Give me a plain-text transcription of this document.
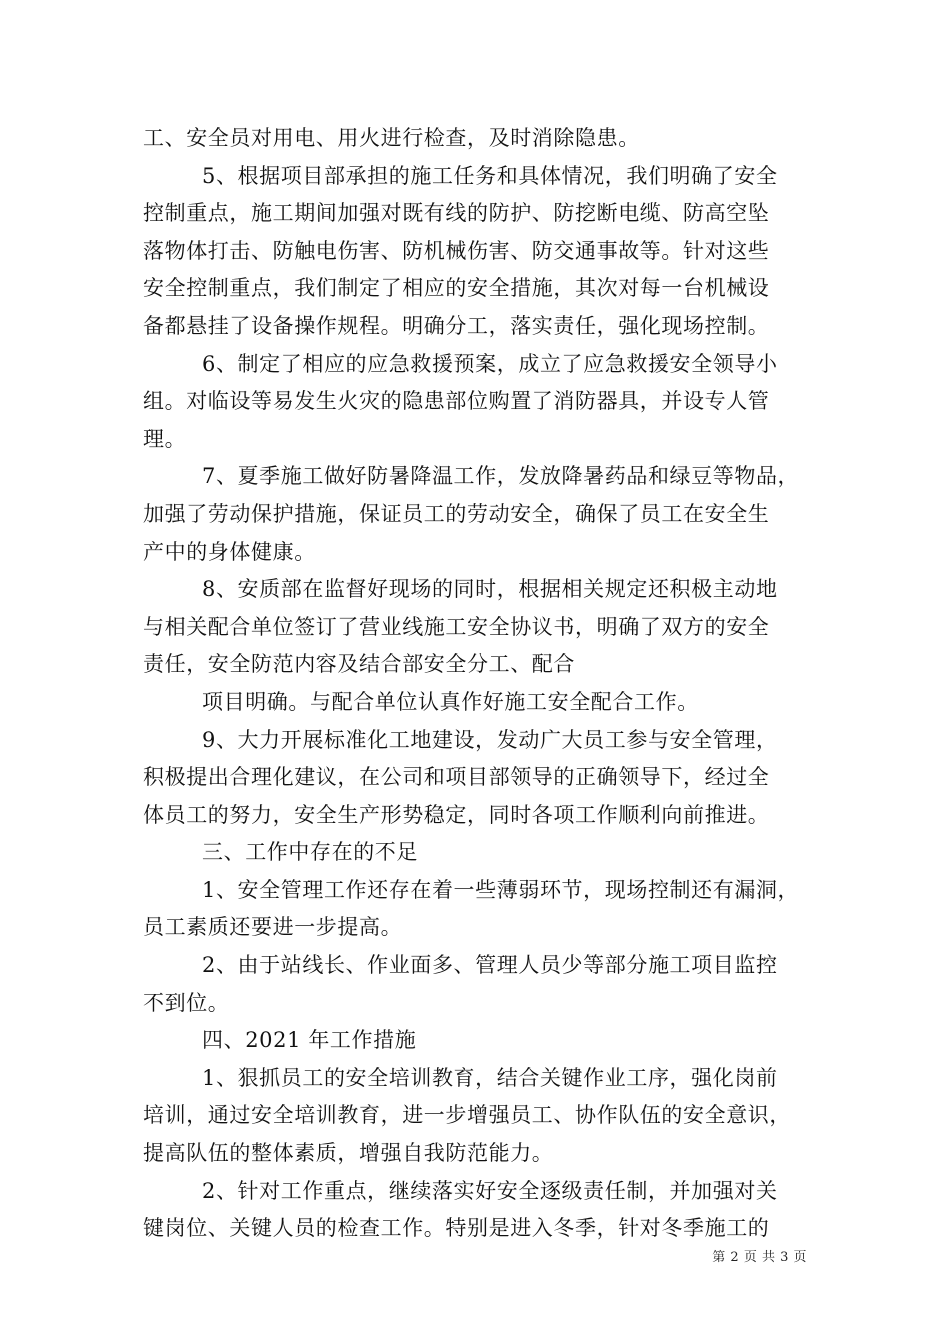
工、安全员对用电、用火进行检查，及时消除隐患。
5、根据项目部承担的施工任务和具体情况，我们明确了安全
控制重点，施工期间加强对既有线的防护、防挖断电缆、防高空坠
落物体打击、防触电伤害、防机械伤害、防交通事故等。针对这些
安全控制重点，我们制定了相应的安全措施，其次对每一台机械设
备都悬挂了设备操作规程。明确分工，落实责任，强化现场控制。
6、制定了相应的应急救援预案，成立了应急救援安全领导小
组。对临设等易发生火灾的隐患部位购置了消防器具，并设专人管
理。
7、夏季施工做好防暑降温工作，发放降暑药品和绿豆等物品，
加强了劳动保护措施，保证员工的劳动安全，确保了员工在安全生
产中的身体健康。
8、安质部在监督好现场的同时，根据相关规定还积极主动地
与相关配合单位签订了营业线施工安全协议书，明确了双方的安全
责任，安全防范内容及结合部安全分工、配合
项目明确。与配合单位认真作好施工安全配合工作。
9、大力开展标准化工地建设，发动广大员工参与安全管理，
积极提出合理化建议，在公司和项目部领导的正确领导下，经过全
体员工的努力，安全生产形势稳定，同时各项工作顺利向前推进。
三、工作中存在的不足
1、安全管理工作还存在着一些薄弱环节，现场控制还有漏洞，
员工素质还要进一步提高。
2、由于站线长、作业面多、管理人员少等部分施工项目监控
不到位。
四、2021 年工作措施
1、狠抓员工的安全培训教育，结合关键作业工序，强化岗前
培训，通过安全培训教育，进一步增强员工、协作队伍的安全意识，
提高队伍的整体素质，增强自我防范能力。
2、针对工作重点，继续落实好安全逐级责任制，并加强对关
键岗位、关键人员的检查工作。特别是进入冬季，针对冬季施工的
第 2 页 共 3 页
